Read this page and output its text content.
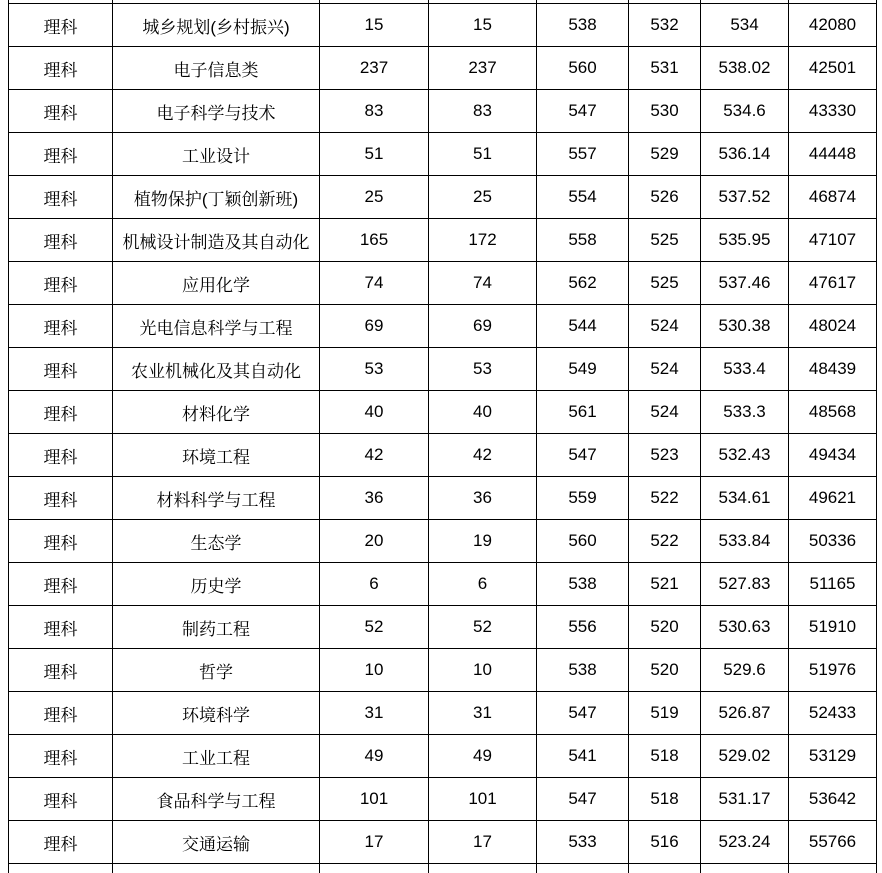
理科	城乡规划(乡村振兴)	15	15	538	532	534	42080
理科	电子信息类	237	237	560	531	538.02	42501
理科	电子科学与技术	83	83	547	530	534.6	43330
理科	工业设计	51	51	557	529	536.14	44448
理科	植物保护(丁颖创新班)	25	25	554	526	537.52	46874
理科	机械设计制造及其自动化	165	172	558	525	535.95	47107
理科	应用化学	74	74	562	525	537.46	47617
理科	光电信息科学与工程	69	69	544	524	530.38	48024
理科	农业机械化及其自动化	53	53	549	524	533.4	48439
理科	材料化学	40	40	561	524	533.3	48568
理科	环境工程	42	42	547	523	532.43	49434
理科	材料科学与工程	36	36	559	522	534.61	49621
理科	生态学	20	19	560	522	533.84	50336
理科	历史学	6	6	538	521	527.83	51165
理科	制药工程	52	52	556	520	530.63	51910
理科	哲学	10	10	538	520	529.6	51976
理科	环境科学	31	31	547	519	526.87	52433
理科	工业工程	49	49	541	518	529.02	53129
理科	食品科学与工程	101	101	547	518	531.17	53642
理科	交通运输	17	17	533	516	523.24	55766
